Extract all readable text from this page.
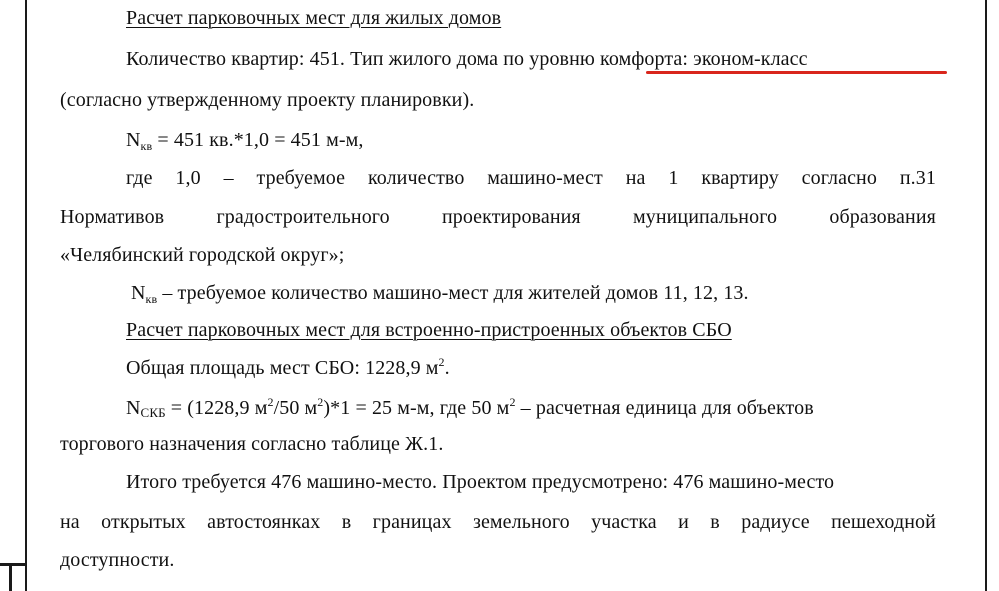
Расчет парковочных мест для жилых домов
Количество квартир: 451. Тип жилого дома по уровню комфорта: эконом-класс
(согласно утвержденному проекту планировки).
$N_{кв} = 451$ кв.*1,0 = 451 м-м,
где 1,0 – требуемое количество машино-мест на 1 квартиру согласно п.31
Нормативов	градостроительного	проектирования	муниципального	образования
«Челябинский городской округ»;
$N_{кв}$ – требуемое количество машино-мест для жителей домов 11, 12, 13.
Расчет парковочных мест для встроенно-пристроенных объектов СБО
Общая площадь мест СБО: 1228,9 $м^2$.
NСКБ = (1228,9 $м^2/50$ $м^2)*1 = 25$ м-м, где 50 $м^2$ – расчетная единица для объектов
торгового назначения согласно таблице Ж.1.
Итого требуется 476 машино-место. Проектом предусмотрено: 476 машино-место
на открытых автостоянках в границах земельного участка и в радиусе пешеходной
доступности.
